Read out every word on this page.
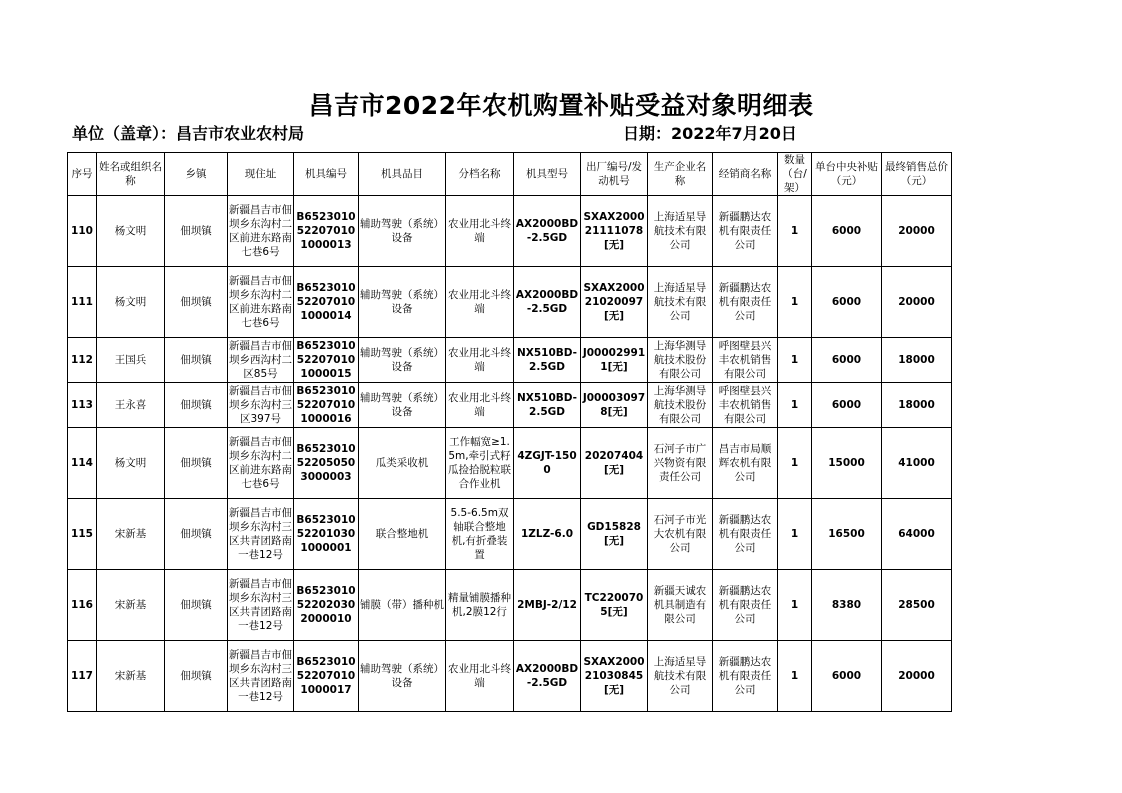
昌吉市2022年农机购置补贴受益对象明细表
单位（盖章）：昌吉市农业农村局	日期：2022年7月20日
序号	姓名或组织名称	乡镇	现住址	机具编号	机具品目	分档名称	机具型号	出厂编号/发动机号	生产企业名称	经销商名称	数量（台/架）	单台中央补贴（元）	最终销售总价（元）
110	杨文明	佃坝镇	新疆昌吉市佃坝乡东沟村二区前进东路南七巷6号	B6523010522070101000013	辅助驾驶（系统）设备	农业用北斗终端	AX2000BD-2.5GD	SXAX200021111078[无]	上海适星导航技术有限公司	新疆鹏达农机有限责任公司	1	6000	20000
111	杨文明	佃坝镇	新疆昌吉市佃坝乡东沟村二区前进东路南七巷6号	B6523010522070101000014	辅助驾驶（系统）设备	农业用北斗终端	AX2000BD-2.5GD	SXAX200021020097[无]	上海适星导航技术有限公司	新疆鹏达农机有限责任公司	1	6000	20000
112	王国兵	佃坝镇	新疆昌吉市佃坝乡西沟村二区85号	B6523010522070101000015	辅助驾驶（系统）设备	农业用北斗终端	NX510BD-2.5GD	J000029911[无]	上海华测导航技术股份有限公司	呼图壁县兴丰农机销售有限公司	1	6000	18000
113	王永喜	佃坝镇	新疆昌吉市佃坝乡东沟村三区397号	B6523010522070101000016	辅助驾驶（系统）设备	农业用北斗终端	NX510BD-2.5GD	J000030978[无]	上海华测导航技术股份有限公司	呼图壁县兴丰农机销售有限公司	1	6000	18000
114	杨文明	佃坝镇	新疆昌吉市佃坝乡东沟村二区前进东路南七巷6号	B6523010522050503000003	瓜类采收机	工作幅宽≥1.5m,牵引式籽瓜捡拾脱粒联合作业机	4ZGJT-1500	20207404[无]	石河子市广兴物资有限责任公司	昌吉市局顺辉农机有限公司	1	15000	41000
115	宋新基	佃坝镇	新疆昌吉市佃坝乡东沟村三区共青团路南一巷12号	B6523010522010301000001	联合整地机	5.5-6.5m双轴联合整地机,有折叠装置	1ZLZ-6.0	GD15828[无]	石河子市光大农机有限公司	新疆鹏达农机有限责任公司	1	16500	64000
116	宋新基	佃坝镇	新疆昌吉市佃坝乡东沟村三区共青团路南一巷12号	B6523010522020302000010	铺膜（带）播种机	精量铺膜播种机,2膜12行	2MBJ-2/12	TC2200705[无]	新疆天诚农机具制造有限公司	新疆鹏达农机有限责任公司	1	8380	28500
117	宋新基	佃坝镇	新疆昌吉市佃坝乡东沟村三区共青团路南一巷12号	B6523010522070101000017	辅助驾驶（系统）设备	农业用北斗终端	AX2000BD-2.5GD	SXAX200021030845[无]	上海适星导航技术有限公司	新疆鹏达农机有限责任公司	1	6000	20000
